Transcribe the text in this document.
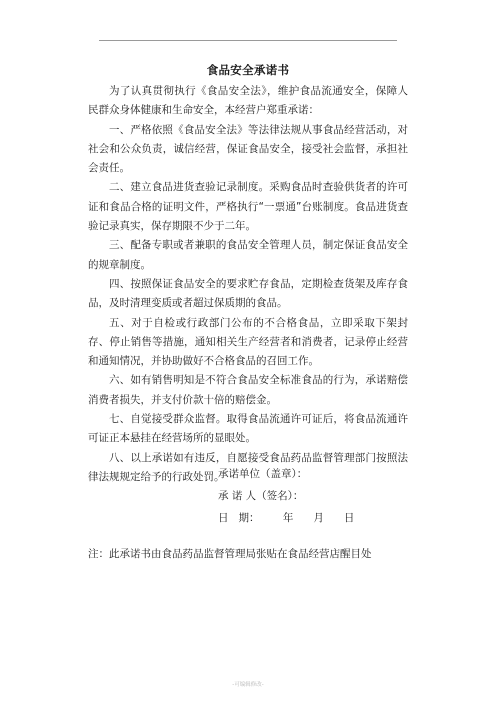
食品安全承诺书

为了认真贯彻执行《食品安全法》，维护食品流通安全，保障人民群众身体健康和生命安全，本经营户郑重承诺：

一、严格依照《食品安全法》等法律法规从事食品经营活动，对社会和公众负责，诚信经营，保证食品安全，接受社会监督，承担社会责任。

二、建立食品进货查验记录制度。采购食品时查验供货者的许可证和食品合格的证明文件，严格执行“一票通”台账制度。食品进货查验记录真实，保存期限不少于二年。

三、配备专职或者兼职的食品安全管理人员，制定保证食品安全的规章制度。

四、按照保证食品安全的要求贮存食品，定期检查货架及库存食品，及时清理变质或者超过保质期的食品。

五、对于自检或行政部门公布的不合格食品，立即采取下架封存、停止销售等措施，通知相关生产经营者和消费者，记录停止经营和通知情况，并协助做好不合格食品的召回工作。

六、如有销售明知是不符合食品安全标准食品的行为，承诺赔偿消费者损失，并支付价款十倍的赔偿金。

七、自觉接受群众监督。取得食品流通许可证后，将食品流通许可证正本悬挂在经营场所的显眼处。

八、以上承诺如有违反，自愿接受食品药品监督管理部门按照法律法规规定给予的行政处罚。

承诺单位（盖章）：
承 诺 人（签名）：
日   期：       年      月      日
注：此承诺书由食品药品监督管理局张贴在食品经营店醒目处
-可编辑修改-
